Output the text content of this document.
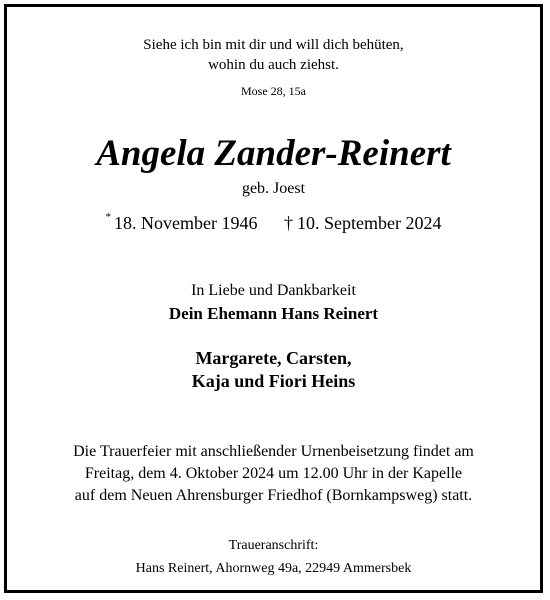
Siehe ich bin mit dir und will dich behüten,
wohin du auch ziehst.
Mose 28, 15a
Angela Zander-Reinert
geb. Joest
* 18. November 1946 † 10. September 2024
In Liebe und Dankbarkeit
Dein Ehemann Hans Reinert
Margarete, Carsten,
Kaja und Fiori Heins
Die Trauerfeier mit anschließender Urnenbeisetzung findet am
Freitag, dem 4. Oktober 2024 um 12.00 Uhr in der Kapelle
auf dem Neuen Ahrensburger Friedhof (Bornkampsweg) statt.
Traueranschrift:
Hans Reinert, Ahornweg 49a, 22949 Ammersbek
